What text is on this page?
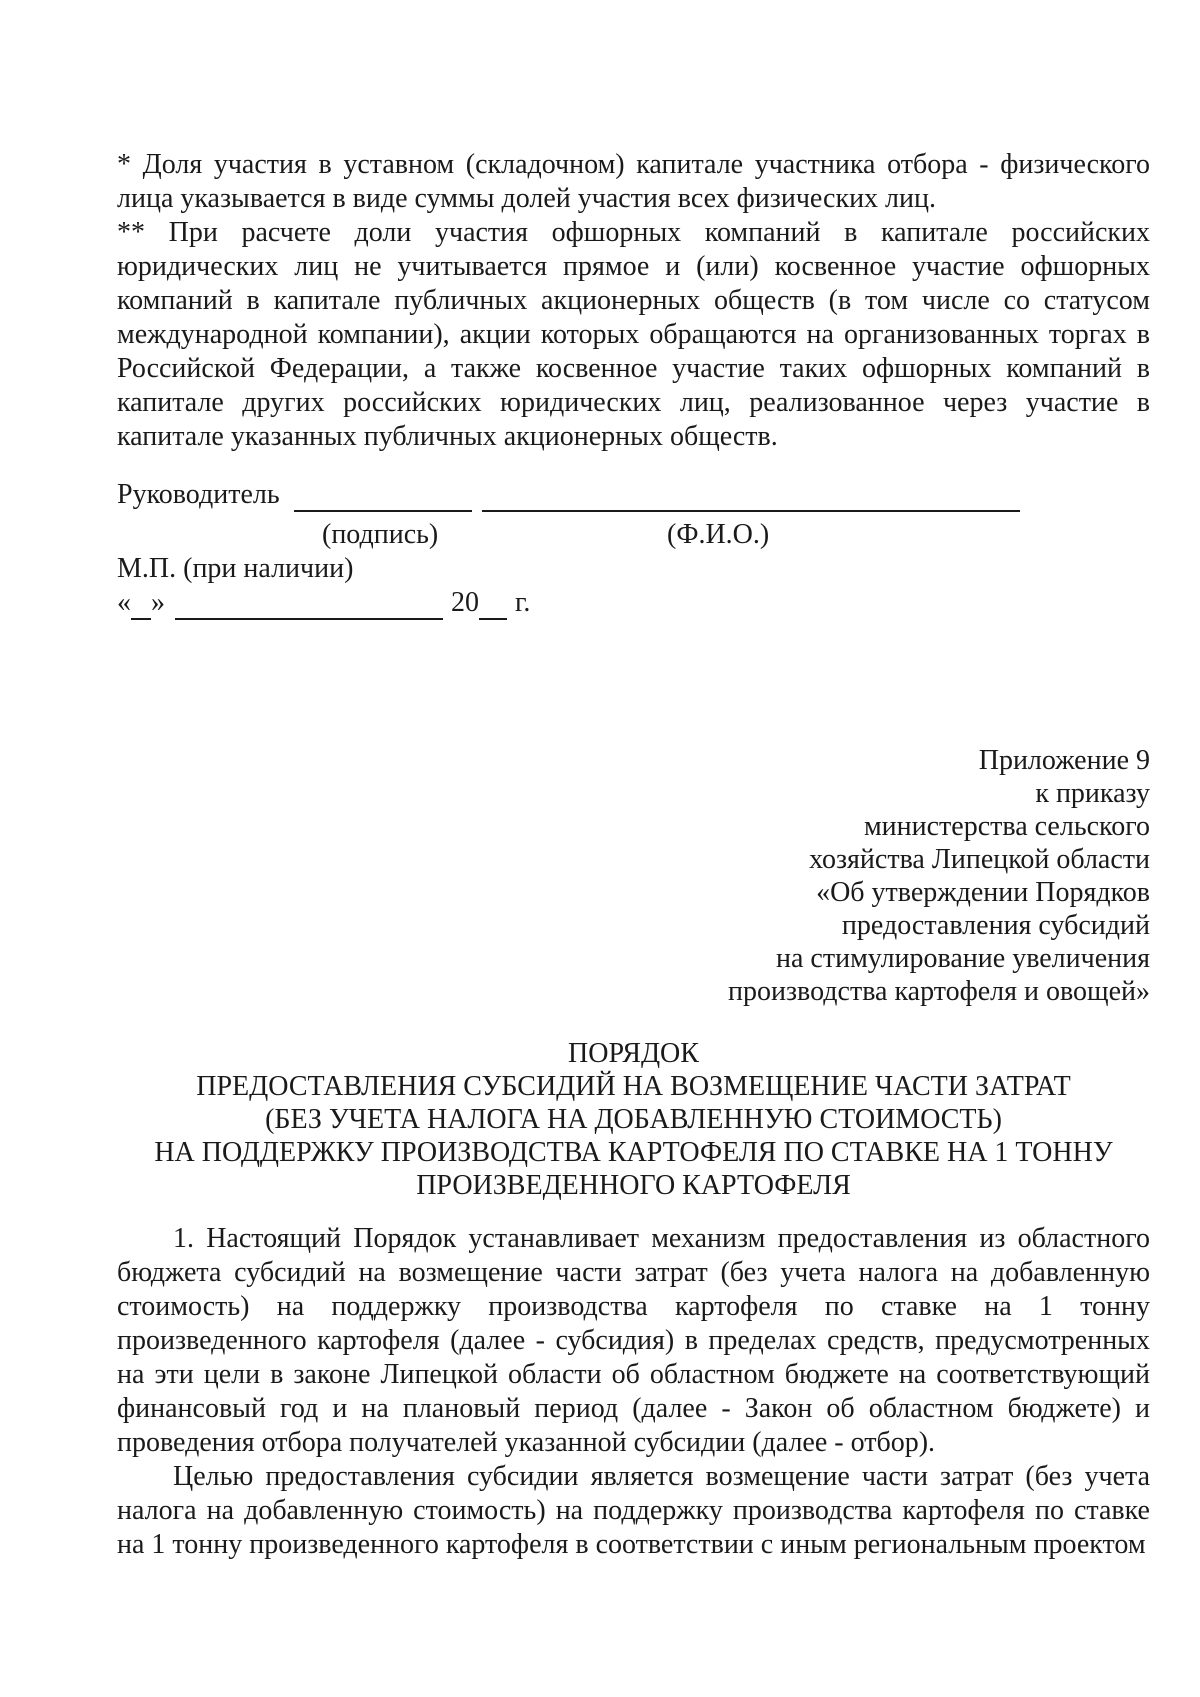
* Доля участия в уставном (складочном) капитале участника отбора - физического лица указывается в виде суммы долей участия всех физических лиц.

** При расчете доли участия офшорных компаний в капитале российских юридических лиц не учитывается прямое и (или) косвенное участие офшорных компаний в капитале публичных акционерных обществ (в том числе со статусом международной компании), акции которых обращаются на организованных торгах в Российской Федерации, а также косвенное участие таких офшорных компаний в капитале других российских юридических лиц, реализованное через участие в капитале указанных публичных акционерных обществ.

Руководитель
(подпись)	(Ф.И.О.)
М.П. (при наличии)
« »	20 г.
Приложение 9
к приказу
министерства сельского
хозяйства Липецкой области
«Об утверждении Порядков
предоставления субсидий
на стимулирование увеличения
производства картофеля и овощей»
ПОРЯДОК
ПРЕДОСТАВЛЕНИЯ СУБСИДИЙ НА ВОЗМЕЩЕНИЕ ЧАСТИ ЗАТРАТ
(БЕЗ УЧЕТА НАЛОГА НА ДОБАВЛЕННУЮ СТОИМОСТЬ)
НА ПОДДЕРЖКУ ПРОИЗВОДСТВА КАРТОФЕЛЯ ПО СТАВКЕ НА 1 ТОННУ
ПРОИЗВЕДЕННОГО КАРТОФЕЛЯ

1. Настоящий Порядок устанавливает механизм предоставления из областного бюджета субсидий на возмещение части затрат (без учета налога на добавленную стоимость) на поддержку производства картофеля по ставке на 1 тонну произведенного картофеля (далее - субсидия) в пределах средств, предусмотренных на эти цели в законе Липецкой области об областном бюджете на соответствующий финансовый год и на плановый период (далее - Закон об областном бюджете) и проведения отбора получателей указанной субсидии (далее - отбор).

Целью предоставления субсидии является возмещение части затрат (без учета налога на добавленную стоимость) на поддержку производства картофеля по ставке на 1 тонну произведенного картофеля в соответствии с иным региональным проектом
